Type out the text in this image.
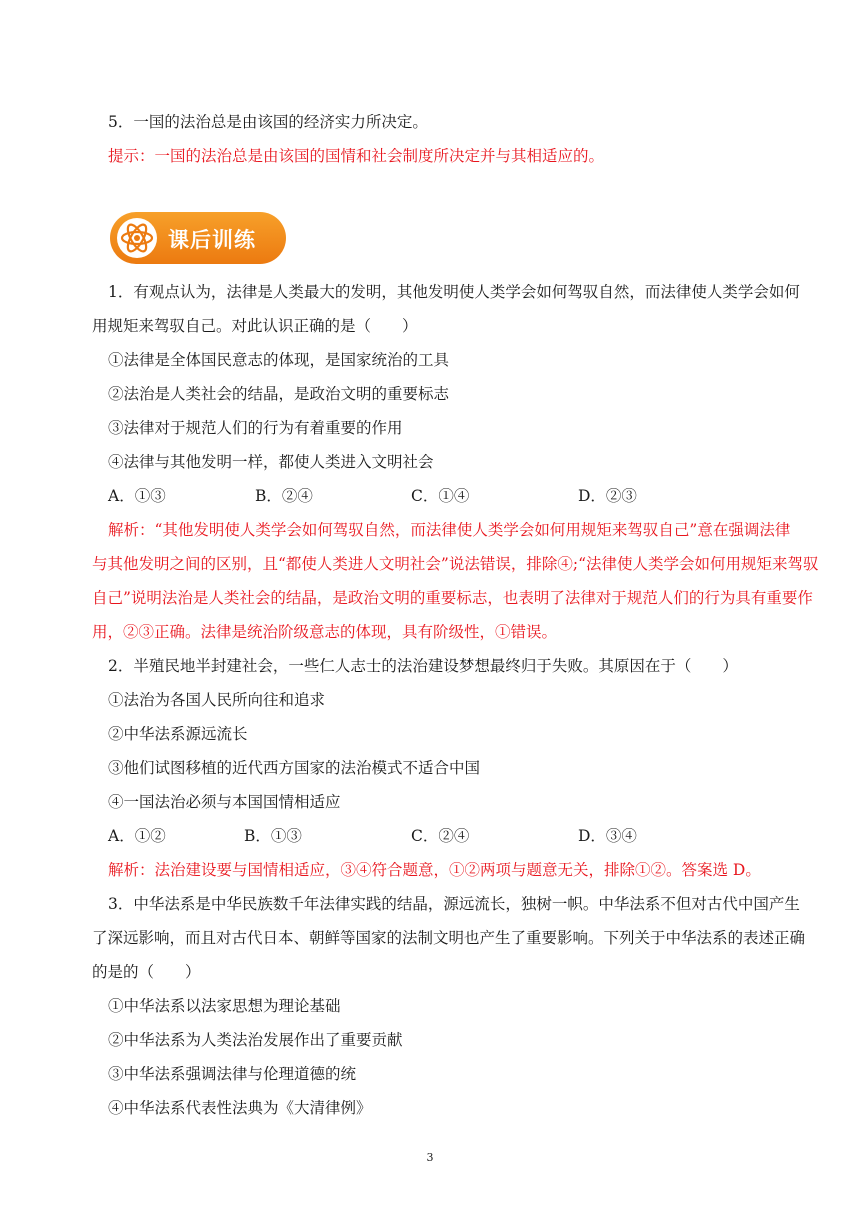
5．一国的法治总是由该国的经济实力所决定。
提示：一国的法治总是由该国的国情和社会制度所决定并与其相适应的。
课后训练
1．有观点认为，法律是人类最大的发明，其他发明使人类学会如何驾驭自然，而法律使人类学会如何
用规矩来驾驭自己。对此认识正确的是（　　）
①法律是全体国民意志的体现，是国家统治的工具
②法治是人类社会的结晶，是政治文明的重要标志
③法律对于规范人们的行为有着重要的作用
④法律与其他发明一样，都使人类进入文明社会
A．①③	B．②④	C．①④	D．②③
解析：“其他发明使人类学会如何驾驭自然，而法律使人类学会如何用规矩来驾驭自己”意在强调法律
与其他发明之间的区别，且“都使人类进人文明社会”说法错误，排除④;“法律使人类学会如何用规矩来驾驭
自己”说明法治是人类社会的结晶，是政治文明的重要标志，也表明了法律对于规范人们的行为具有重要作
用，②③正确。法律是统治阶级意志的体现，具有阶级性，①错误。
2．半殖民地半封建社会，一些仁人志士的法治建设梦想最终归于失败。其原因在于（　　）
①法治为各国人民所向往和追求
②中华法系源远流长
③他们试图移植的近代西方国家的法治模式不适合中国
④一国法治必须与本国国情相适应
A．①②	B．①③	C．②④	D．③④
解析：法治建设要与国情相适应，③④符合题意，①②两项与题意无关，排除①②。答案选 D。
3．中华法系是中华民族数千年法律实践的结晶，源远流长，独树一帜。中华法系不但对古代中国产生
了深远影响，而且对古代日本、朝鲜等国家的法制文明也产生了重要影响。下列关于中华法系的表述正确
的是的（　　）
①中华法系以法家思想为理论基础
②中华法系为人类法治发展作出了重要贡献
③中华法系强调法律与伦理道德的统
④中华法系代表性法典为《大清律例》
3
